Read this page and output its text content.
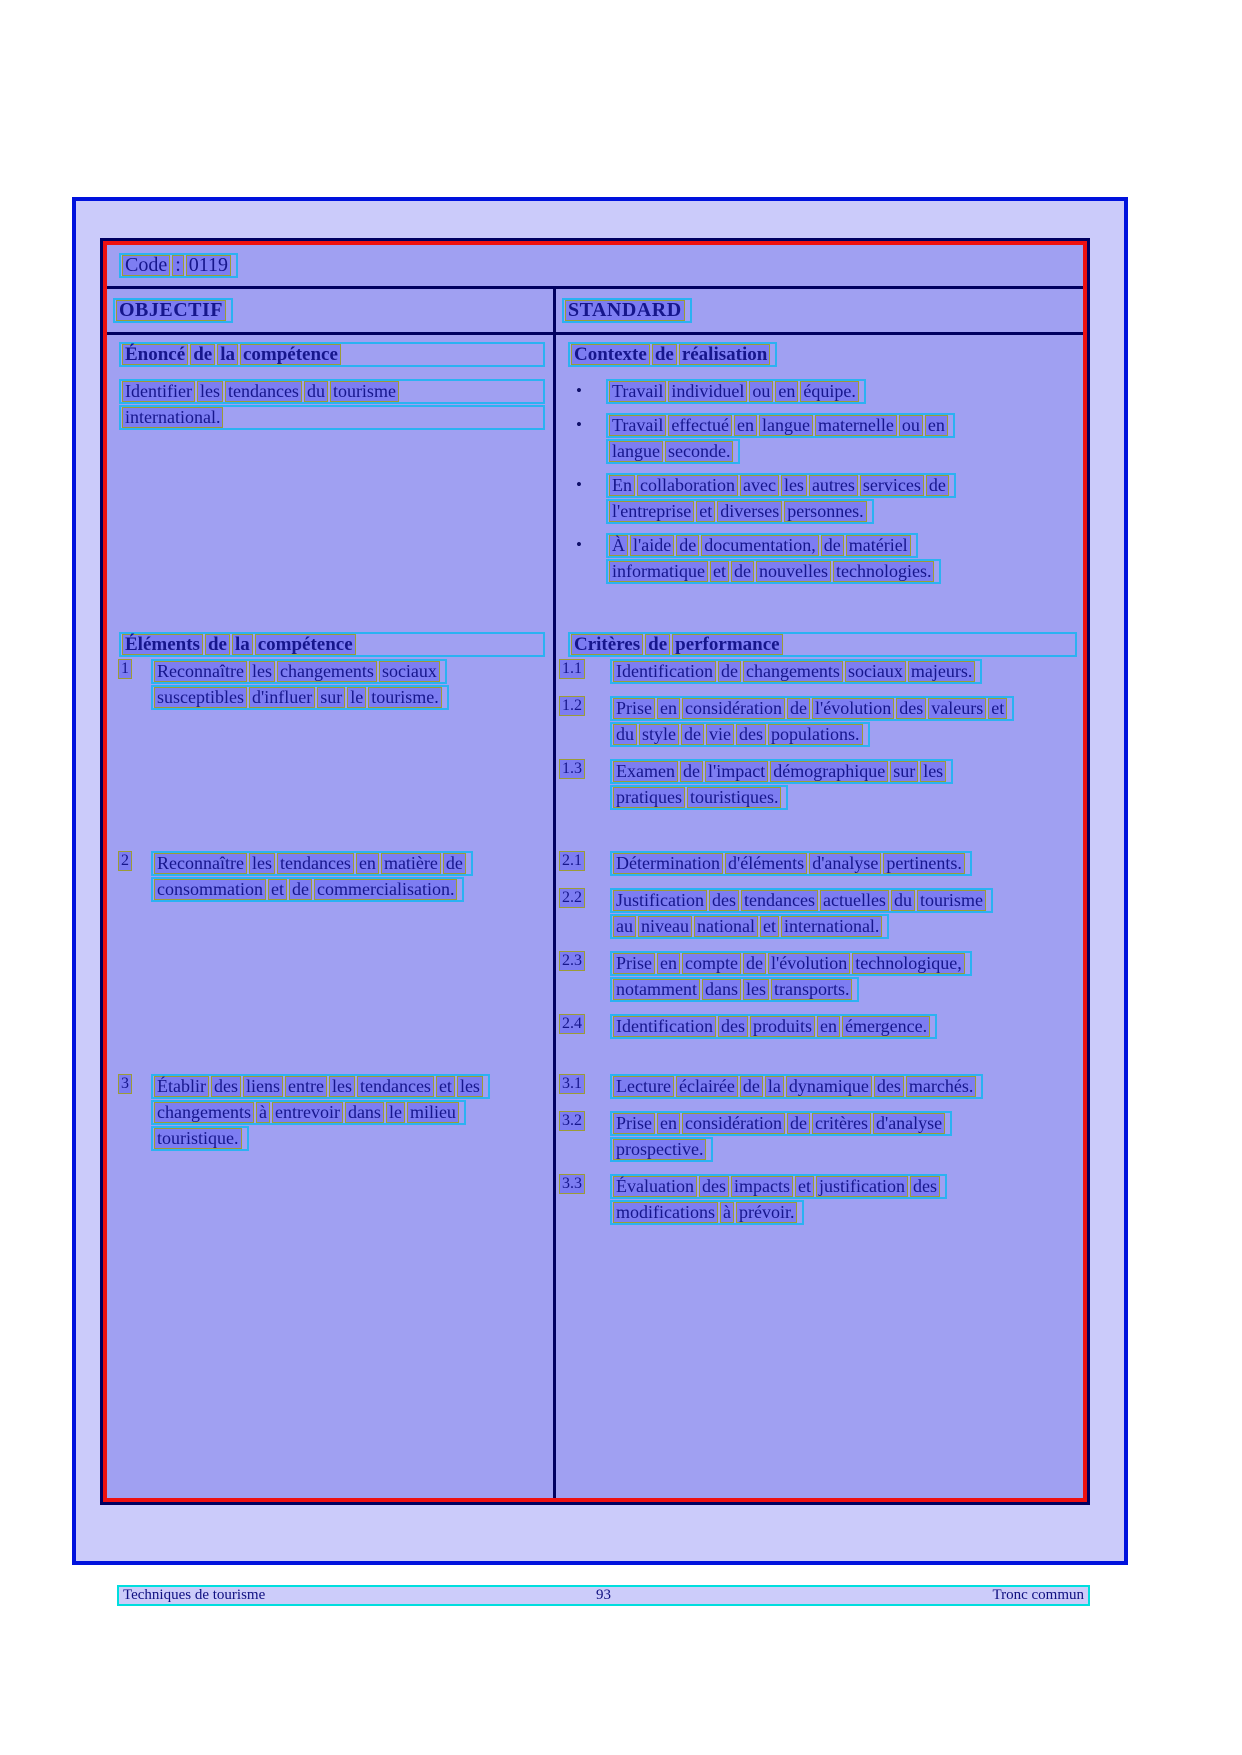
Code : 0119
OBJECTIF	STANDARD
Énoncé de la compétence
Identifier les tendances du tourisme
international.
Contexte de réalisation
•	Travail individuel ou en équipe.
•	Travail effectué en langue maternelle ou en
langue seconde.
•	En collaboration avec les autres services de
l'entreprise et diverses personnes.
•	À l'aide de documentation, de matériel
informatique et de nouvelles technologies.
Éléments de la compétence	Critères de performance
1	Reconnaître les changements sociaux
susceptibles d'influer sur le tourisme.
1.1	Identification de changements sociaux majeurs.
1.2	Prise en considération de l'évolution des valeurs et
du style de vie des populations.
1.3	Examen de l'impact démographique sur les
pratiques touristiques.
2	Reconnaître les tendances en matière de
consommation et de commercialisation.
2.1	Détermination d'éléments d'analyse pertinents.
2.2	Justification des tendances actuelles du tourisme
au niveau national et international.
2.3	Prise en compte de l'évolution technologique,
notamment dans les transports.
2.4	Identification des produits en émergence.
3	Établir des liens entre les tendances et les
changements à entrevoir dans le milieu
touristique.
3.1	Lecture éclairée de la dynamique des marchés.
3.2	Prise en considération de critères d'analyse
prospective.
3.3	Évaluation des impacts et justification des
modifications à prévoir.
Techniques de tourisme	93	Tronc commun
